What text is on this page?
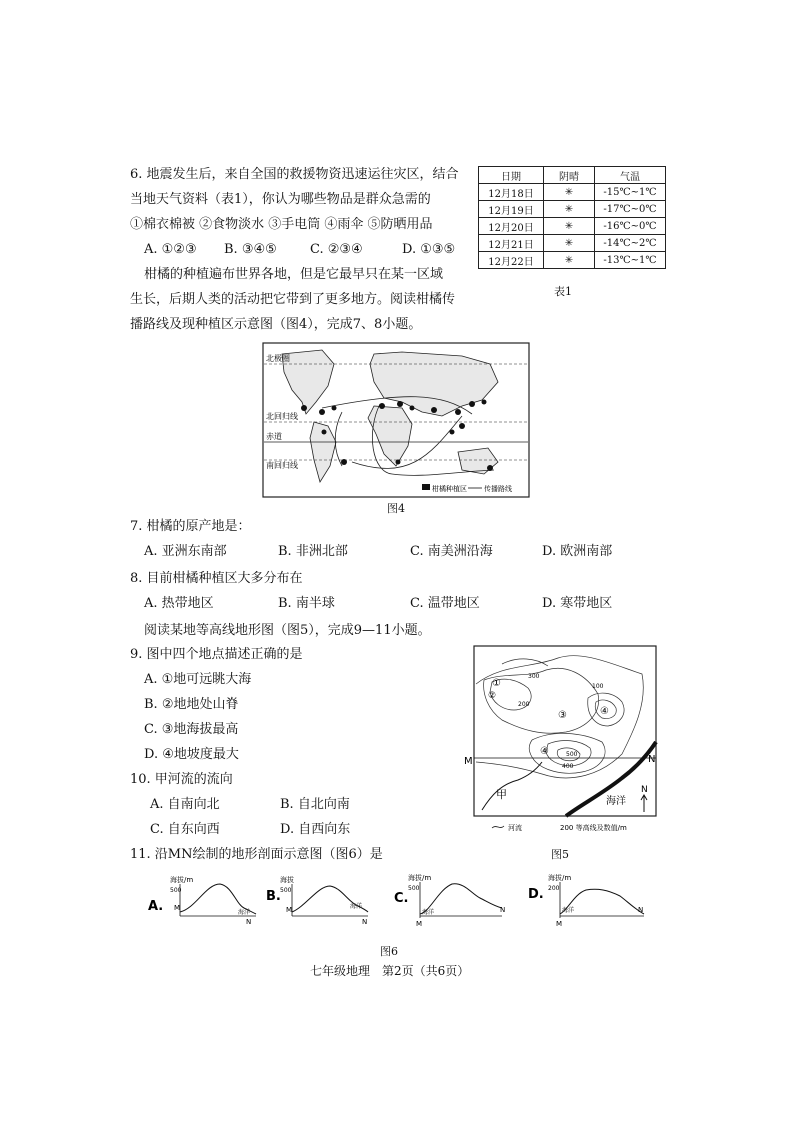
6. 地震发生后，来自全国的救援物资迅速运往灾区，结合
当地天气资料（表1），你认为哪些物品是群众急需的
①棉衣棉被 ②食物淡水 ③手电筒 ④雨伞 ⑤防晒用品
A. ①②③	B. ③④⑤	C. ②③④	D. ①③⑤
日期	阴晴	气温
12月18日	✳	-15℃~1℃
12月19日	✳	-17℃~0℃
12月20日	✳	-16℃~0℃
12月21日	✳	-14℃~2℃
12月22日	✳	-13℃~1℃
表1
柑橘的种植遍布世界各地，但是它最早只在某一区域
生长，后期人类的活动把它带到了更多地方。阅读柑橘传
播路线及现种植区示意图（图4），完成7、8小题。
北极圈
北回归线
赤道
南回归线
柑橘种植区 传播路线
图4
7. 柑橘的原产地是：
A. 亚洲东南部	B. 非洲北部	C. 南美洲沿海	D. 欧洲南部
8. 目前柑橘种植区大多分布在
A. 热带地区	B. 南半球	C. 温带地区	D. 寒带地区
阅读某地等高线地形图（图5），完成9—11小题。
9. 图中四个地点描述正确的是
A. ①地可远眺大海
B. ②地地处山脊
C. ③地海拔最高
D. ④地坡度最大
10. 甲河流的流向
A. 自南向北	B. 自北向南
C. 自东向西	D. 自西向东
11. 沿MN绘制的地形剖面示意图（图6）是
M	N
①
②
③	④
④
300
100
200
400
500
甲
海洋
N
河流	200 等高线及数值/m
图5
A.
海拔/m
500
M
N
海洋
B.
海拔
500
M
N
海洋
C.
海拔/m
500
M
N
海洋
D.
海拔/m
200
M
N
海洋
图6
七年级地理　第2页（共6页）
